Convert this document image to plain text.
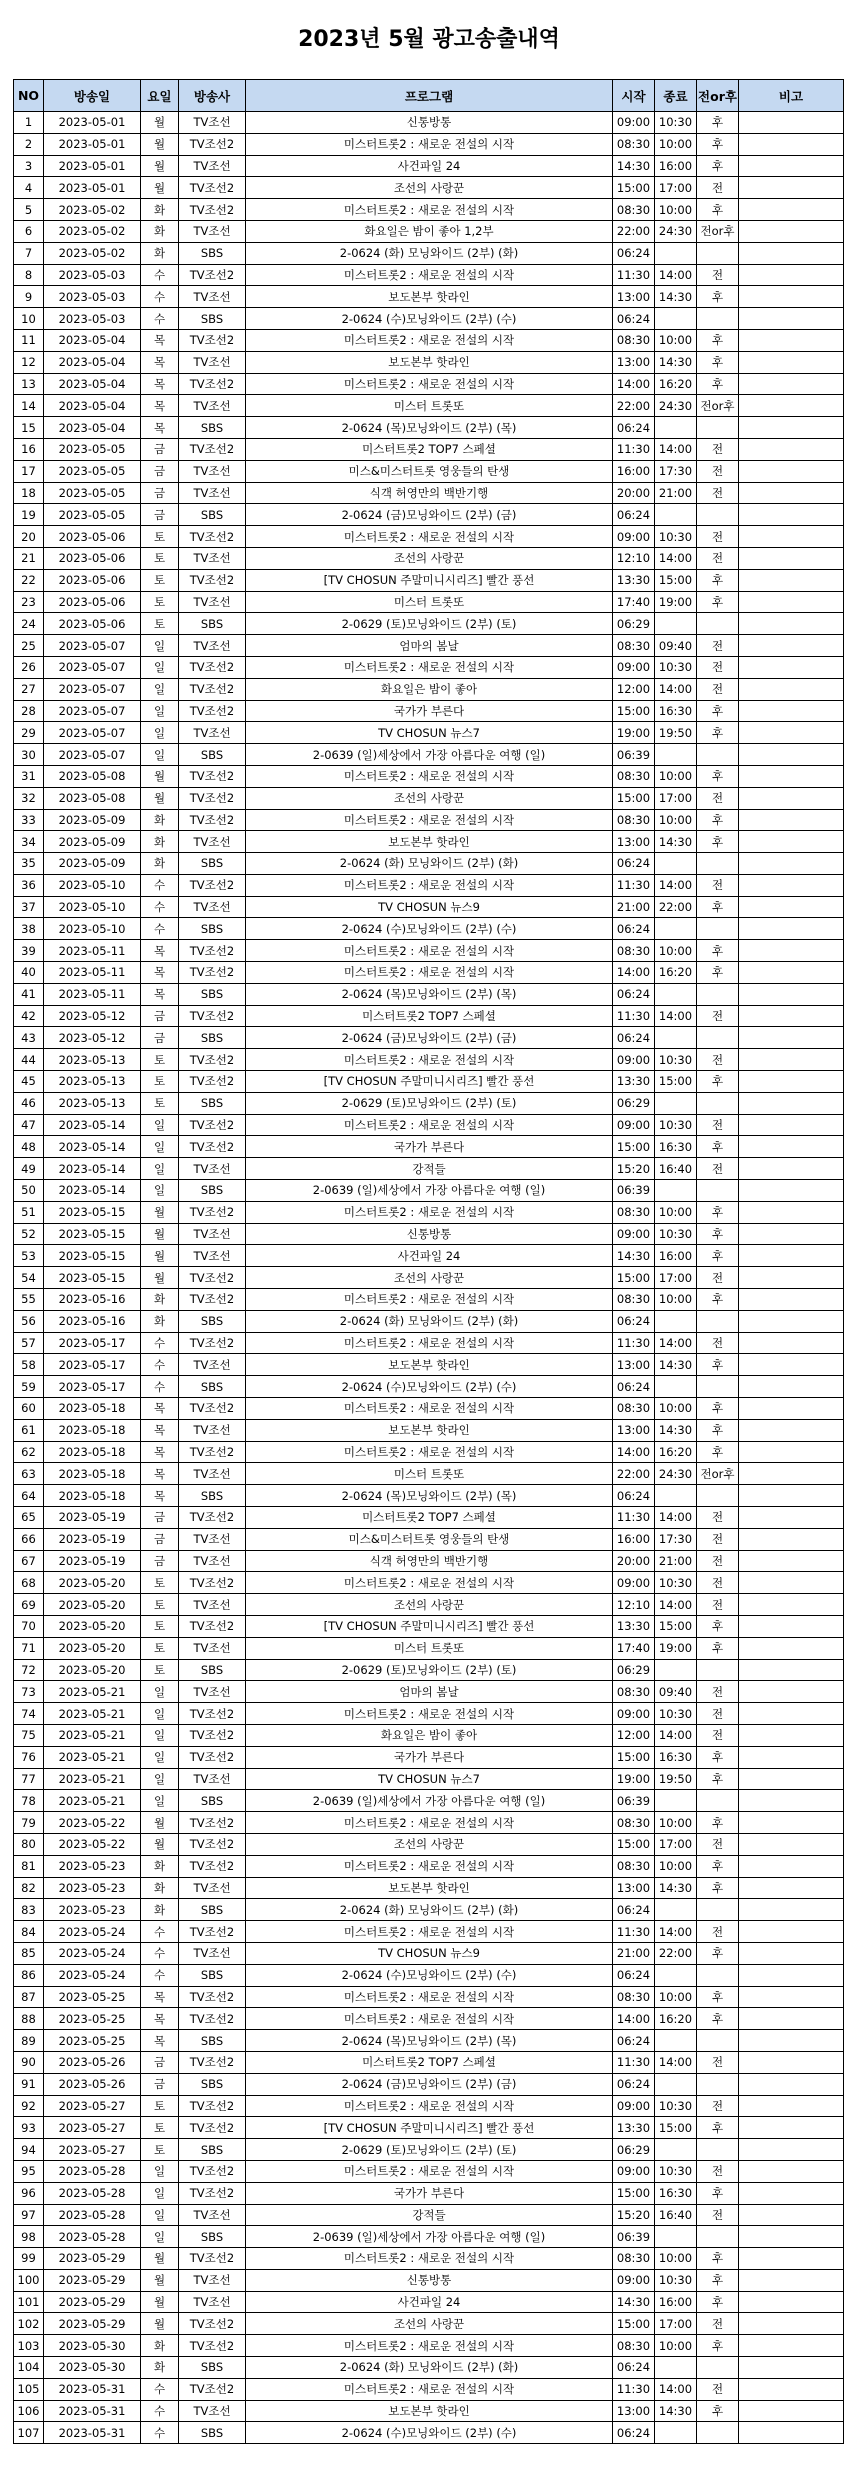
2023년 5월 광고송출내역
NO	방송일	요일	방송사	프로그램	시작	종료	전or후	비고
1	2023-05-01	월	TV조선	신통방통	09:00	10:30	후	
2	2023-05-01	월	TV조선2	미스터트롯2 : 새로운 전설의 시작	08:30	10:00	후	
3	2023-05-01	월	TV조선	사건파일 24	14:30	16:00	후	
4	2023-05-01	월	TV조선2	조선의 사랑꾼	15:00	17:00	전	
5	2023-05-02	화	TV조선2	미스터트롯2 : 새로운 전설의 시작	08:30	10:00	후	
6	2023-05-02	화	TV조선	화요일은 밤이 좋아 1,2부	22:00	24:30	전or후	
7	2023-05-02	화	SBS	2-0624 (화) 모닝와이드 (2부) (화)	06:24			
8	2023-05-03	수	TV조선2	미스터트롯2 : 새로운 전설의 시작	11:30	14:00	전	
9	2023-05-03	수	TV조선	보도본부 핫라인	13:00	14:30	후	
10	2023-05-03	수	SBS	2-0624 (수)모닝와이드 (2부) (수)	06:24			
11	2023-05-04	목	TV조선2	미스터트롯2 : 새로운 전설의 시작	08:30	10:00	후	
12	2023-05-04	목	TV조선	보도본부 핫라인	13:00	14:30	후	
13	2023-05-04	목	TV조선2	미스터트롯2 : 새로운 전설의 시작	14:00	16:20	후	
14	2023-05-04	목	TV조선	미스터 트롯또	22:00	24:30	전or후	
15	2023-05-04	목	SBS	2-0624 (목)모닝와이드 (2부) (목)	06:24			
16	2023-05-05	금	TV조선2	미스터트롯2 TOP7 스페셜	11:30	14:00	전	
17	2023-05-05	금	TV조선	미스&미스터트롯 영웅들의 탄생	16:00	17:30	전	
18	2023-05-05	금	TV조선	식객 허영만의 백반기행	20:00	21:00	전	
19	2023-05-05	금	SBS	2-0624 (금)모닝와이드 (2부) (금)	06:24			
20	2023-05-06	토	TV조선2	미스터트롯2 : 새로운 전설의 시작	09:00	10:30	전	
21	2023-05-06	토	TV조선	조선의 사랑꾼	12:10	14:00	전	
22	2023-05-06	토	TV조선2	[TV CHOSUN 주말미니시리즈] 빨간 풍선	13:30	15:00	후	
23	2023-05-06	토	TV조선	미스터 트롯또	17:40	19:00	후	
24	2023-05-06	토	SBS	2-0629 (토)모닝와이드 (2부) (토)	06:29			
25	2023-05-07	일	TV조선	엄마의 봄날	08:30	09:40	전	
26	2023-05-07	일	TV조선2	미스터트롯2 : 새로운 전설의 시작	09:00	10:30	전	
27	2023-05-07	일	TV조선2	화요일은 밤이 좋아	12:00	14:00	전	
28	2023-05-07	일	TV조선2	국가가 부른다	15:00	16:30	후	
29	2023-05-07	일	TV조선	TV CHOSUN 뉴스7	19:00	19:50	후	
30	2023-05-07	일	SBS	2-0639 (일)세상에서 가장 아름다운 여행 (일)	06:39			
31	2023-05-08	월	TV조선2	미스터트롯2 : 새로운 전설의 시작	08:30	10:00	후	
32	2023-05-08	월	TV조선2	조선의 사랑꾼	15:00	17:00	전	
33	2023-05-09	화	TV조선2	미스터트롯2 : 새로운 전설의 시작	08:30	10:00	후	
34	2023-05-09	화	TV조선	보도본부 핫라인	13:00	14:30	후	
35	2023-05-09	화	SBS	2-0624 (화) 모닝와이드 (2부) (화)	06:24			
36	2023-05-10	수	TV조선2	미스터트롯2 : 새로운 전설의 시작	11:30	14:00	전	
37	2023-05-10	수	TV조선	TV CHOSUN 뉴스9	21:00	22:00	후	
38	2023-05-10	수	SBS	2-0624 (수)모닝와이드 (2부) (수)	06:24			
39	2023-05-11	목	TV조선2	미스터트롯2 : 새로운 전설의 시작	08:30	10:00	후	
40	2023-05-11	목	TV조선2	미스터트롯2 : 새로운 전설의 시작	14:00	16:20	후	
41	2023-05-11	목	SBS	2-0624 (목)모닝와이드 (2부) (목)	06:24			
42	2023-05-12	금	TV조선2	미스터트롯2 TOP7 스페셜	11:30	14:00	전	
43	2023-05-12	금	SBS	2-0624 (금)모닝와이드 (2부) (금)	06:24			
44	2023-05-13	토	TV조선2	미스터트롯2 : 새로운 전설의 시작	09:00	10:30	전	
45	2023-05-13	토	TV조선2	[TV CHOSUN 주말미니시리즈] 빨간 풍선	13:30	15:00	후	
46	2023-05-13	토	SBS	2-0629 (토)모닝와이드 (2부) (토)	06:29			
47	2023-05-14	일	TV조선2	미스터트롯2 : 새로운 전설의 시작	09:00	10:30	전	
48	2023-05-14	일	TV조선2	국가가 부른다	15:00	16:30	후	
49	2023-05-14	일	TV조선	강적들	15:20	16:40	전	
50	2023-05-14	일	SBS	2-0639 (일)세상에서 가장 아름다운 여행 (일)	06:39			
51	2023-05-15	월	TV조선2	미스터트롯2 : 새로운 전설의 시작	08:30	10:00	후	
52	2023-05-15	월	TV조선	신통방통	09:00	10:30	후	
53	2023-05-15	월	TV조선	사건파일 24	14:30	16:00	후	
54	2023-05-15	월	TV조선2	조선의 사랑꾼	15:00	17:00	전	
55	2023-05-16	화	TV조선2	미스터트롯2 : 새로운 전설의 시작	08:30	10:00	후	
56	2023-05-16	화	SBS	2-0624 (화) 모닝와이드 (2부) (화)	06:24			
57	2023-05-17	수	TV조선2	미스터트롯2 : 새로운 전설의 시작	11:30	14:00	전	
58	2023-05-17	수	TV조선	보도본부 핫라인	13:00	14:30	후	
59	2023-05-17	수	SBS	2-0624 (수)모닝와이드 (2부) (수)	06:24			
60	2023-05-18	목	TV조선2	미스터트롯2 : 새로운 전설의 시작	08:30	10:00	후	
61	2023-05-18	목	TV조선	보도본부 핫라인	13:00	14:30	후	
62	2023-05-18	목	TV조선2	미스터트롯2 : 새로운 전설의 시작	14:00	16:20	후	
63	2023-05-18	목	TV조선	미스터 트롯또	22:00	24:30	전or후	
64	2023-05-18	목	SBS	2-0624 (목)모닝와이드 (2부) (목)	06:24			
65	2023-05-19	금	TV조선2	미스터트롯2 TOP7 스페셜	11:30	14:00	전	
66	2023-05-19	금	TV조선	미스&미스터트롯 영웅들의 탄생	16:00	17:30	전	
67	2023-05-19	금	TV조선	식객 허영만의 백반기행	20:00	21:00	전	
68	2023-05-20	토	TV조선2	미스터트롯2 : 새로운 전설의 시작	09:00	10:30	전	
69	2023-05-20	토	TV조선	조선의 사랑꾼	12:10	14:00	전	
70	2023-05-20	토	TV조선2	[TV CHOSUN 주말미니시리즈] 빨간 풍선	13:30	15:00	후	
71	2023-05-20	토	TV조선	미스터 트롯또	17:40	19:00	후	
72	2023-05-20	토	SBS	2-0629 (토)모닝와이드 (2부) (토)	06:29			
73	2023-05-21	일	TV조선	엄마의 봄날	08:30	09:40	전	
74	2023-05-21	일	TV조선2	미스터트롯2 : 새로운 전설의 시작	09:00	10:30	전	
75	2023-05-21	일	TV조선2	화요일은 밤이 좋아	12:00	14:00	전	
76	2023-05-21	일	TV조선2	국가가 부른다	15:00	16:30	후	
77	2023-05-21	일	TV조선	TV CHOSUN 뉴스7	19:00	19:50	후	
78	2023-05-21	일	SBS	2-0639 (일)세상에서 가장 아름다운 여행 (일)	06:39			
79	2023-05-22	월	TV조선2	미스터트롯2 : 새로운 전설의 시작	08:30	10:00	후	
80	2023-05-22	월	TV조선2	조선의 사랑꾼	15:00	17:00	전	
81	2023-05-23	화	TV조선2	미스터트롯2 : 새로운 전설의 시작	08:30	10:00	후	
82	2023-05-23	화	TV조선	보도본부 핫라인	13:00	14:30	후	
83	2023-05-23	화	SBS	2-0624 (화) 모닝와이드 (2부) (화)	06:24			
84	2023-05-24	수	TV조선2	미스터트롯2 : 새로운 전설의 시작	11:30	14:00	전	
85	2023-05-24	수	TV조선	TV CHOSUN 뉴스9	21:00	22:00	후	
86	2023-05-24	수	SBS	2-0624 (수)모닝와이드 (2부) (수)	06:24			
87	2023-05-25	목	TV조선2	미스터트롯2 : 새로운 전설의 시작	08:30	10:00	후	
88	2023-05-25	목	TV조선2	미스터트롯2 : 새로운 전설의 시작	14:00	16:20	후	
89	2023-05-25	목	SBS	2-0624 (목)모닝와이드 (2부) (목)	06:24			
90	2023-05-26	금	TV조선2	미스터트롯2 TOP7 스페셜	11:30	14:00	전	
91	2023-05-26	금	SBS	2-0624 (금)모닝와이드 (2부) (금)	06:24			
92	2023-05-27	토	TV조선2	미스터트롯2 : 새로운 전설의 시작	09:00	10:30	전	
93	2023-05-27	토	TV조선2	[TV CHOSUN 주말미니시리즈] 빨간 풍선	13:30	15:00	후	
94	2023-05-27	토	SBS	2-0629 (토)모닝와이드 (2부) (토)	06:29			
95	2023-05-28	일	TV조선2	미스터트롯2 : 새로운 전설의 시작	09:00	10:30	전	
96	2023-05-28	일	TV조선2	국가가 부른다	15:00	16:30	후	
97	2023-05-28	일	TV조선	강적들	15:20	16:40	전	
98	2023-05-28	일	SBS	2-0639 (일)세상에서 가장 아름다운 여행 (일)	06:39			
99	2023-05-29	월	TV조선2	미스터트롯2 : 새로운 전설의 시작	08:30	10:00	후	
100	2023-05-29	월	TV조선	신통방통	09:00	10:30	후	
101	2023-05-29	월	TV조선	사건파일 24	14:30	16:00	후	
102	2023-05-29	월	TV조선2	조선의 사랑꾼	15:00	17:00	전	
103	2023-05-30	화	TV조선2	미스터트롯2 : 새로운 전설의 시작	08:30	10:00	후	
104	2023-05-30	화	SBS	2-0624 (화) 모닝와이드 (2부) (화)	06:24			
105	2023-05-31	수	TV조선2	미스터트롯2 : 새로운 전설의 시작	11:30	14:00	전	
106	2023-05-31	수	TV조선	보도본부 핫라인	13:00	14:30	후	
107	2023-05-31	수	SBS	2-0624 (수)모닝와이드 (2부) (수)	06:24			
